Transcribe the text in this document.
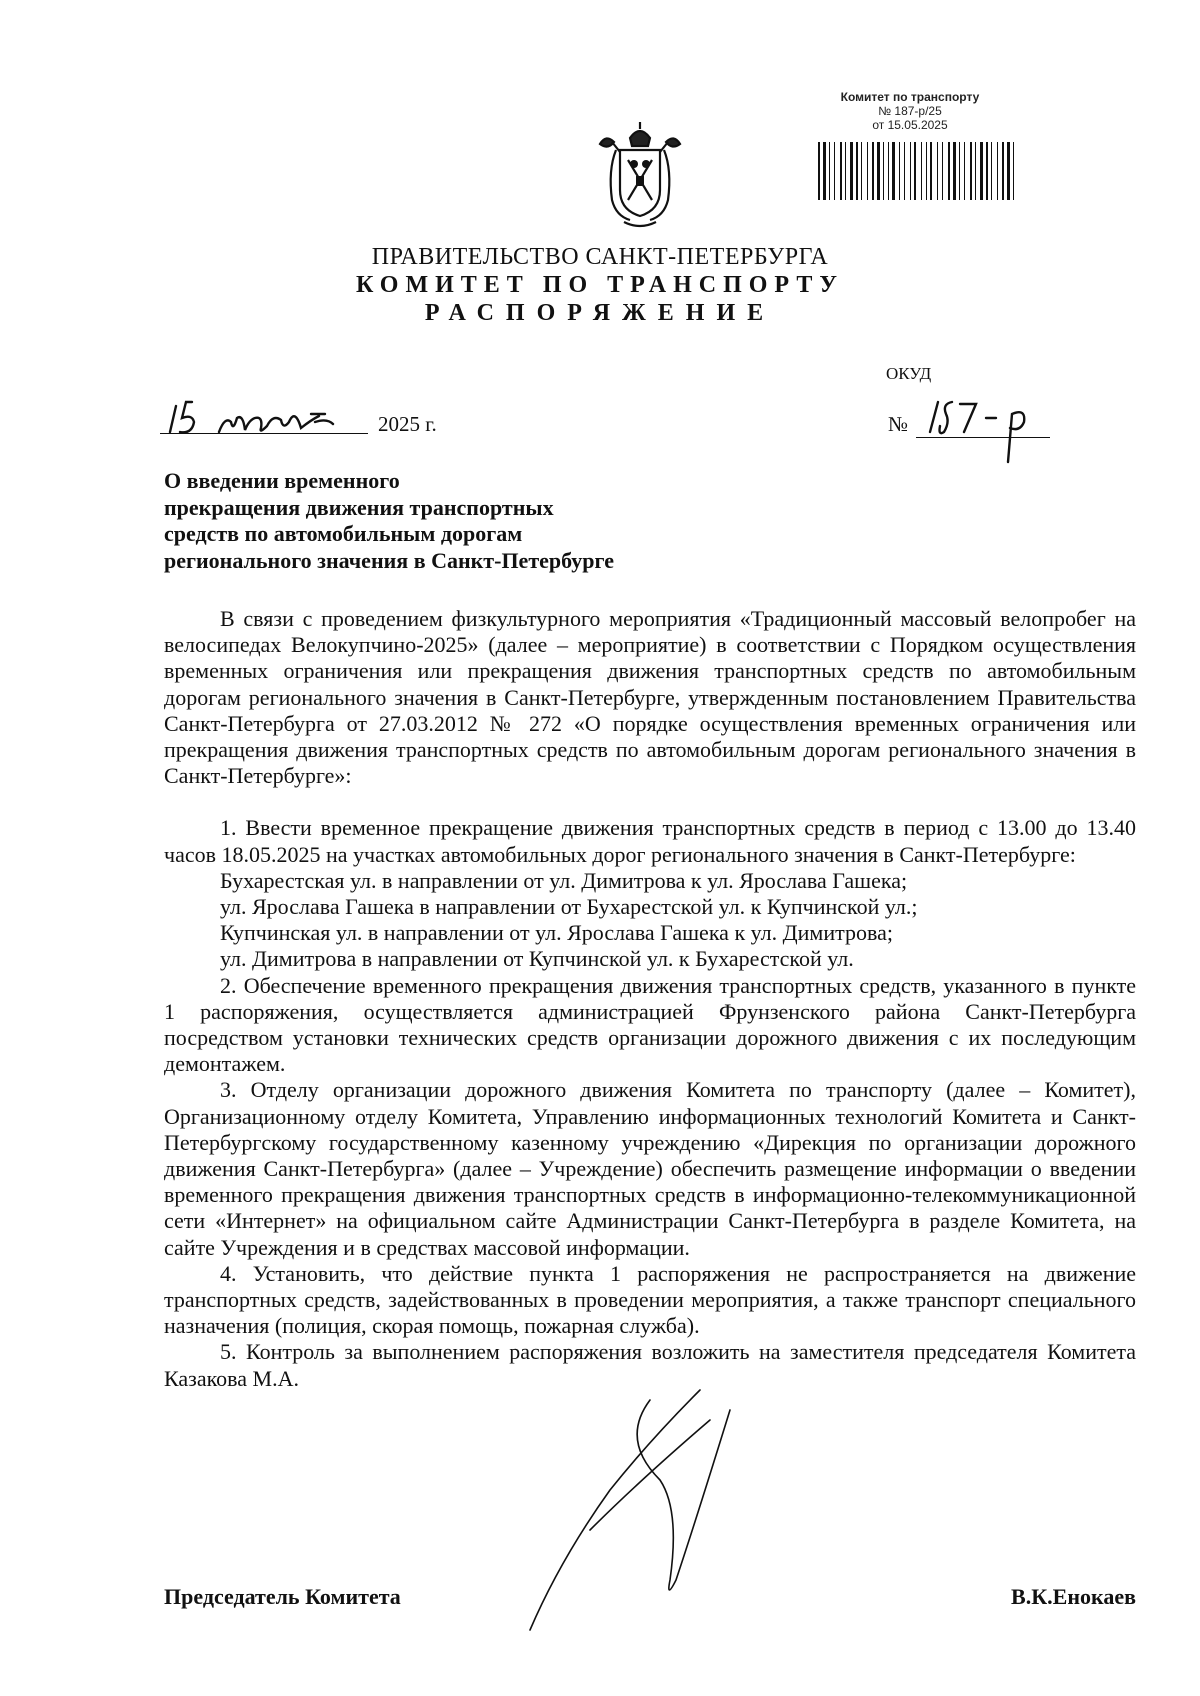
Комитет по транспорту
№ 187-р/25
от 15.05.2025
ПРАВИТЕЛЬСТВО САНКТ-ПЕТЕРБУРГА
КОМИТЕТ ПО ТРАНСПОРТУ
РАСПОРЯЖЕНИЕ
ОКУД
2025 г.	№
О введении временного
прекращения движения транспортных
средств по автомобильным дорогам
регионального значения в Санкт-Петербурге

В связи с проведением физкультурного мероприятия «Традиционный массовый велопробег на велосипедах Велокупчино-2025» (далее – мероприятие) в соответствии с Порядком осуществления временных ограничения или прекращения движения транспортных средств по автомобильным дорогам регионального значения в Санкт-Петербурге, утвержденным постановлением Правительства Санкт-Петербурга от 27.03.2012 № 272 «О порядке осуществления временных ограничения или прекращения движения транспортных средств по автомобильным дорогам регионального значения в Санкт-Петербурге»:

1. Ввести временное прекращение движения транспортных средств в период с 13.00 до 13.40 часов 18.05.2025 на участках автомобильных дорог регионального значения в Санкт-Петербурге:

Бухарестская ул. в направлении от ул. Димитрова к ул. Ярослава Гашека;

ул. Ярослава Гашека в направлении от Бухарестской ул. к Купчинской ул.;

Купчинская ул. в направлении от ул. Ярослава Гашека к ул. Димитрова;

ул. Димитрова в направлении от Купчинской ул. к Бухарестской ул.

2. Обеспечение временного прекращения движения транспортных средств, указанного в пункте 1 распоряжения, осуществляется администрацией Фрунзенского района Санкт-Петербурга посредством установки технических средств организации дорожного движения с их последующим демонтажем.

3. Отделу организации дорожного движения Комитета по транспорту (далее – Комитет), Организационному отделу Комитета, Управлению информационных технологий Комитета и Санкт-Петербургскому государственному казенному учреждению «Дирекция по организации дорожного движения Санкт-Петербурга» (далее – Учреждение) обеспечить размещение информации о введении временного прекращения движения транспортных средств в информационно-телекоммуникационной сети «Интернет» на официальном сайте Администрации Санкт-Петербурга в разделе Комитета, на сайте Учреждения и в средствах массовой информации.

4. Установить, что действие пункта 1 распоряжения не распространяется на движение транспортных средств, задействованных в проведении мероприятия, а также транспорт специального назначения (полиция, скорая помощь, пожарная служба).

5. Контроль за выполнением распоряжения возложить на заместителя председателя Комитета Казакова М.А.

Председатель Комитета	В.К.Енокаев
